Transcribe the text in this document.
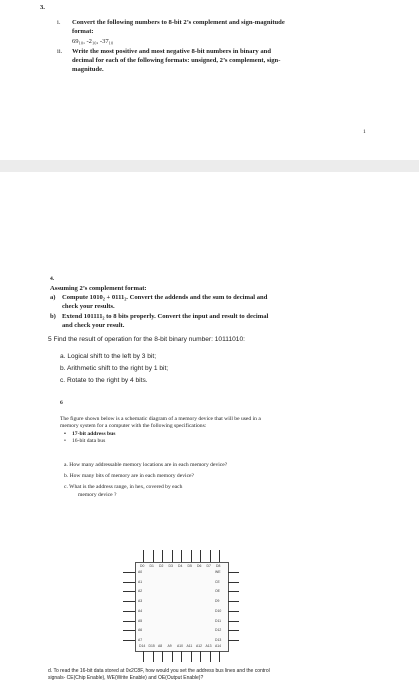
3.
i. Convert the following numbers to 8-bit 2’s complement and sign-magnitude
format:
69₁₀, -2₁₀, -37₁₀
ii. Write the most positive and most negative 8-bit numbers in binary and
decimal for each of the following formats: unsigned, 2’s complement, sign-
magnitude.
1
4.
Assuming 2’s complement format:
a) Compute 1010₂ + 0111₂. Convert the addends and the sum to decimal and
check your results.
b) Extend 101111₂ to 8 bits properly. Convert the input and result to decimal
and check your result.
5 Find the result of operation for the 8-bit binary number: 10111010:
a. Logical shift to the left by 3 bit;
b. Arithmetic shift to the right by 1 bit;
c. Rotate to the right by 4 bits.
6
The figure shown below is a schematic diagram of a memory device that will be used in a
memory system for a computer with the following specifications:
• 17-bit address bus
• 16-bit data bus
a. How many addressable memory locations are in each memory device?
b. How many bits of memory are in each memory device?
c. What is the address range, in hex, covered by each
memory device ?
D0 D1 D2 D3 D4 D5 D6 D7 D8
D14 D15 A8 A9 A10 A11 A12 A13 A14
A0
A1
A2
A3
A4
A5
A6
A7
WE
CE
OE
D9
D10
D11
D12
D13
d. To read the 16-bit data stored at 0x2C8F, how would you set the address bus lines and the control
signals- CE(Chip Enable), WE(Write Enable) and OE(Output Enable)?
